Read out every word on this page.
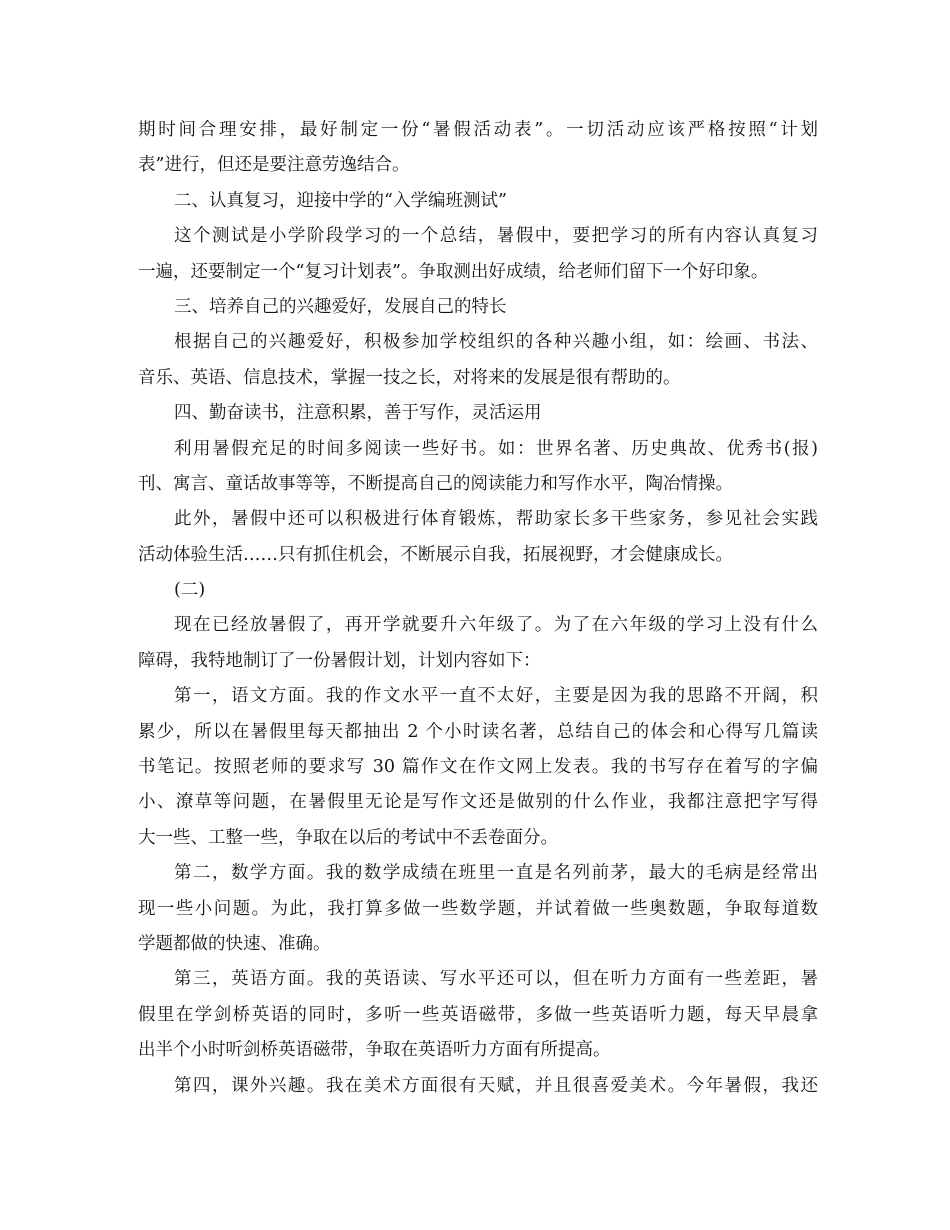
期时间合理安排，最好制定一份“暑假活动表”。一切活动应该严格按照“计划
表”进行，但还是要注意劳逸结合。
二、认真复习，迎接中学的“入学编班测试”
这个测试是小学阶段学习的一个总结，暑假中，要把学习的所有内容认真复习
一遍，还要制定一个“复习计划表”。争取测出好成绩，给老师们留下一个好印象。
三、培养自己的兴趣爱好，发展自己的特长
根据自己的兴趣爱好，积极参加学校组织的各种兴趣小组，如：绘画、书法、
音乐、英语、信息技术，掌握一技之长，对将来的发展是很有帮助的。
四、勤奋读书，注意积累，善于写作，灵活运用
利用暑假充足的时间多阅读一些好书。如：世界名著、历史典故、优秀书(报)
刊、寓言、童话故事等等，不断提高自己的阅读能力和写作水平，陶冶情操。
此外，暑假中还可以积极进行体育锻炼，帮助家长多干些家务，参见社会实践
活动体验生活……只有抓住机会，不断展示自我，拓展视野，才会健康成长。
(二)
现在已经放暑假了，再开学就要升六年级了。为了在六年级的学习上没有什么
障碍，我特地制订了一份暑假计划，计划内容如下：
第一，语文方面。我的作文水平一直不太好，主要是因为我的思路不开阔，积
累少，所以在暑假里每天都抽出 2 个小时读名著，总结自己的体会和心得写几篇读
书笔记。按照老师的要求写 30 篇作文在作文网上发表。我的书写存在着写的字偏
小、潦草等问题，在暑假里无论是写作文还是做别的什么作业，我都注意把字写得
大一些、工整一些，争取在以后的考试中不丢卷面分。
第二，数学方面。我的数学成绩在班里一直是名列前茅，最大的毛病是经常出
现一些小问题。为此，我打算多做一些数学题，并试着做一些奥数题，争取每道数
学题都做的快速、准确。
第三，英语方面。我的英语读、写水平还可以，但在听力方面有一些差距，暑
假里在学剑桥英语的同时，多听一些英语磁带，多做一些英语听力题，每天早晨拿
出半个小时听剑桥英语磁带，争取在英语听力方面有所提高。
第四，课外兴趣。我在美术方面很有天赋，并且很喜爱美术。今年暑假，我还
